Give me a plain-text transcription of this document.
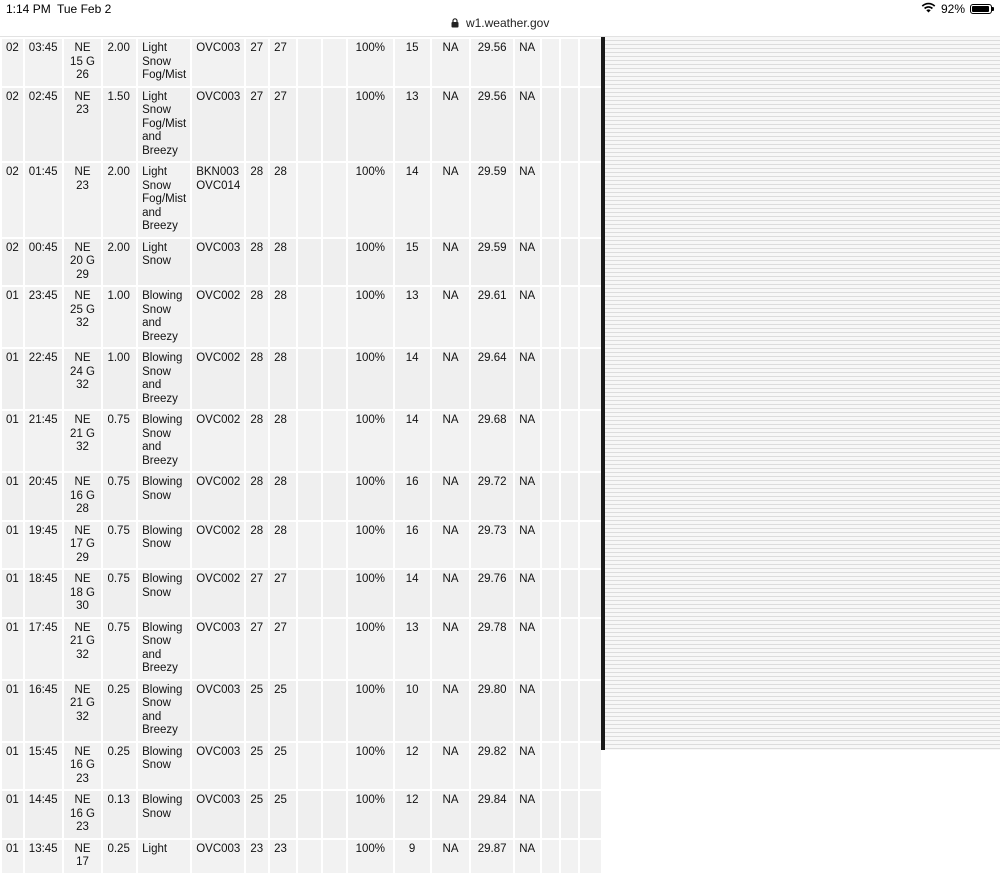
1:14 PM Tue Feb 2	92%
w1.weather.gov
02	03:45	NE 15 G 26	2.00	Light Snow Fog/Mist	OVC003	27	27			100%	15	NA	29.56	NA			
02	02:45	NE 23	1.50	Light Snow Fog/Mist and Breezy	OVC003	27	27			100%	13	NA	29.56	NA			
02	01:45	NE 23	2.00	Light Snow Fog/Mist and Breezy	BKN003 OVC014	28	28			100%	14	NA	29.59	NA			
02	00:45	NE 20 G 29	2.00	Light Snow	OVC003	28	28			100%	15	NA	29.59	NA			
01	23:45	NE 25 G 32	1.00	Blowing Snow and Breezy	OVC002	28	28			100%	13	NA	29.61	NA			
01	22:45	NE 24 G 32	1.00	Blowing Snow and Breezy	OVC002	28	28			100%	14	NA	29.64	NA			
01	21:45	NE 21 G 32	0.75	Blowing Snow and Breezy	OVC002	28	28			100%	14	NA	29.68	NA			
01	20:45	NE 16 G 28	0.75	Blowing Snow	OVC002	28	28			100%	16	NA	29.72	NA			
01	19:45	NE 17 G 29	0.75	Blowing Snow	OVC002	28	28			100%	16	NA	29.73	NA			
01	18:45	NE 18 G 30	0.75	Blowing Snow	OVC002	27	27			100%	14	NA	29.76	NA			
01	17:45	NE 21 G 32	0.75	Blowing Snow and Breezy	OVC003	27	27			100%	13	NA	29.78	NA			
01	16:45	NE 21 G 32	0.25	Blowing Snow and Breezy	OVC003	25	25			100%	10	NA	29.80	NA			
01	15:45	NE 16 G 23	0.25	Blowing Snow	OVC003	25	25			100%	12	NA	29.82	NA			
01	14:45	NE 16 G 23	0.13	Blowing Snow	OVC003	25	25			100%	12	NA	29.84	NA			
01	13:45	NE 17	0.25	Light	OVC003	23	23			100%	9	NA	29.87	NA			
